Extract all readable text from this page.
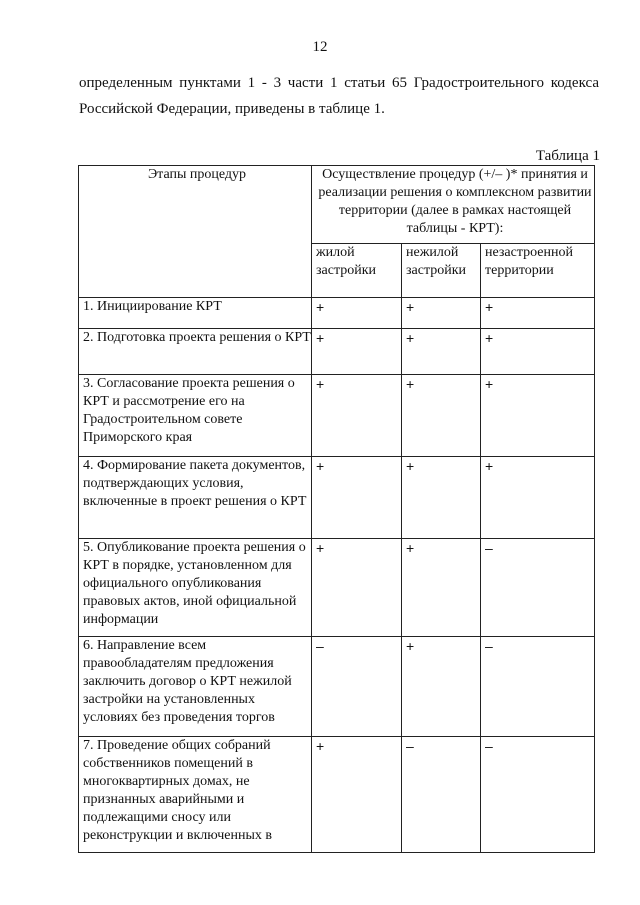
12

определенным пунктами 1 - 3 части 1 статьи 65 Градостроительного кодекса Российской Федерации, приведены в таблице 1.

Таблица 1
Этапы процедур	Осуществление процедур (+/– )* принятия и реализации решения о комплексном развитии территории (далее в рамках настоящей таблицы - КРТ):		
	жилой застройки	нежилой застройки	незастроенной территории
1. Инициирование КРТ	+	+	+
2. Подготовка проекта решения о КРТ	+	+	+
3. Согласование проекта решения о КРТ и рассмотрение его на Градостроительном совете Приморского края	+	+	+
4. Формирование пакета документов, подтверждающих условия, включенные в проект решения о КРТ	+	+	+
5. Опубликование проекта решения о КРТ в порядке, установленном для официального опубликования правовых актов, иной официальной информации	+	+	–
6. Направление всем правообладателям предложения заключить договор о КРТ нежилой застройки на установленных условиях без проведения торгов	–	+	–
7. Проведение общих собраний собственников помещений в многоквартирных домах, не признанных аварийными и подлежащими сносу или реконструкции и включенных в	+	–	–
